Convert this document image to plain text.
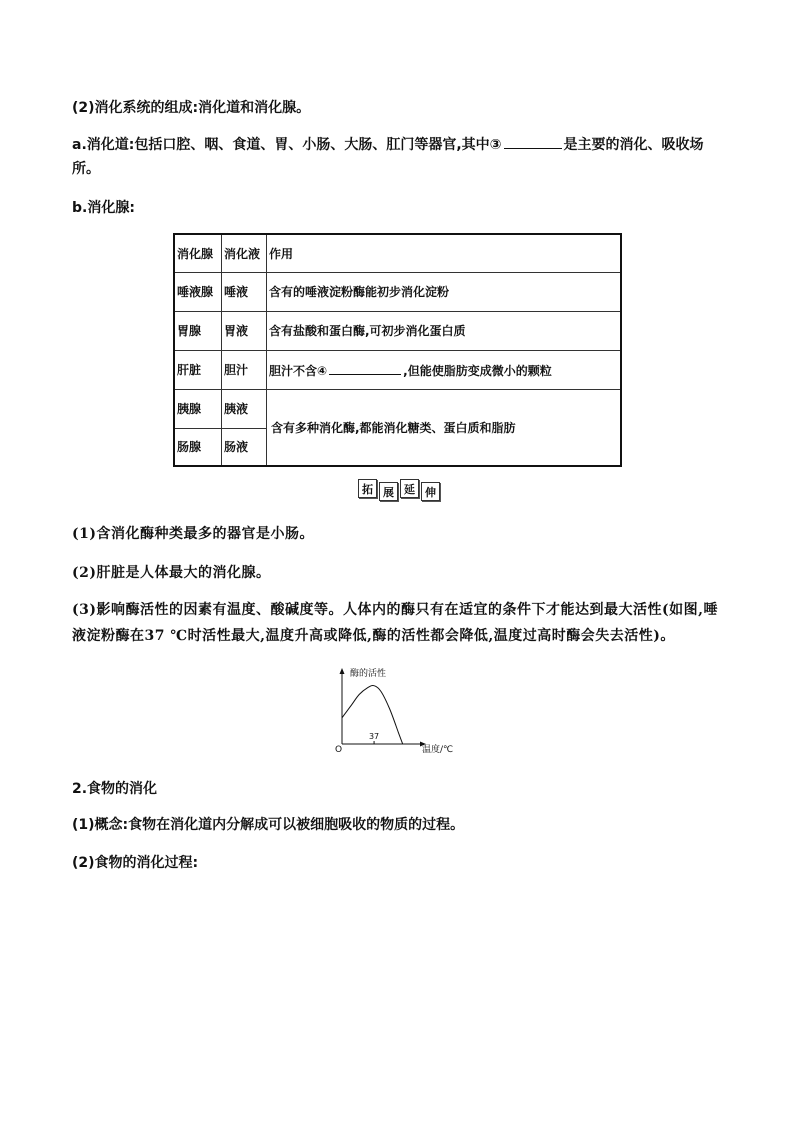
(2)消化系统的组成:消化道和消化腺。
a.消化道:包括口腔、咽、食道、胃、小肠、大肠、肛门等器官,其中③	是主要的消化、吸收场所。
b.消化腺:
消化腺	消化液	作用
唾液腺	唾液	含有的唾液淀粉酶能初步消化淀粉
胃腺	胃液	含有盐酸和蛋白酶,可初步消化蛋白质
肝脏	胆汁	胆汁不含④ ,但能使脂肪变成微小的颗粒
胰腺	胰液	含有多种消化酶,都能消化糖类、蛋白质和脂肪
肠腺	肠液	
拓 展 延 伸
(1)含消化酶种类最多的器官是小肠。
(2)肝脏是人体最大的消化腺。
(3)影响酶活性的因素有温度、酸碱度等。人体内的酶只有在适宜的条件下才能达到最大活性(如图,唾液淀粉酶在37 ℃时活性最大,温度升高或降低,酶的活性都会降低,温度过高时酶会失去活性)。
酶的活性
温度/℃
O
37
2.食物的消化
(1)概念:食物在消化道内分解成可以被细胞吸收的物质的过程。
(2)食物的消化过程:
